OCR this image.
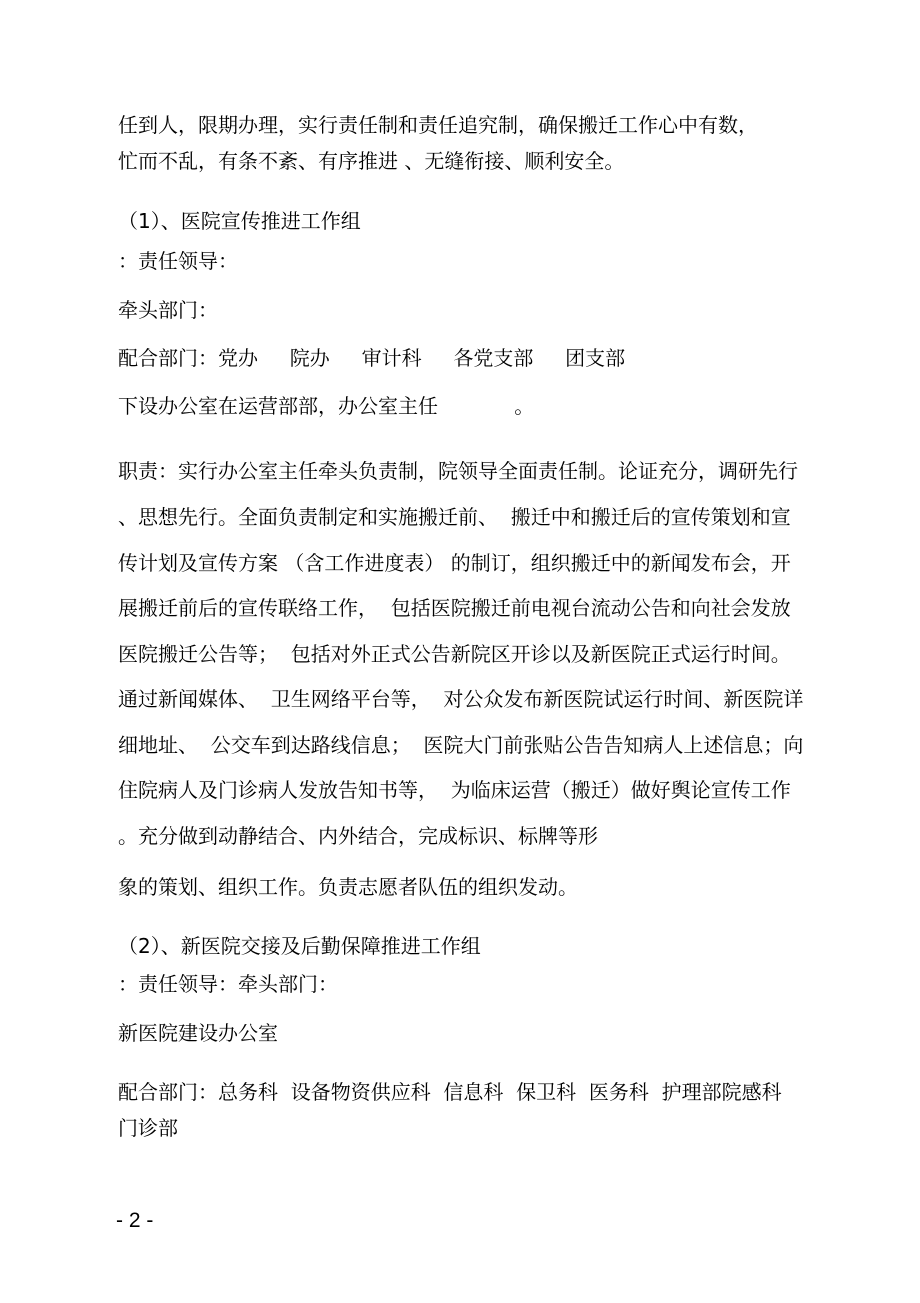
任到人，限期办理，实行责任制和责任追究制，确保搬迁工作心中有数，

忙而不乱，有条不紊、有序推进 、无缝衔接、顺利安全。

（1）、医院宣传推进工作组

：责任领导：

牵头部门：

配合部门：党办     院办     审计科     各党支部     团支部

下设办公室在运营部部，办公室主任            。

职责：实行办公室主任牵头负责制，院领导全面责任制。论证充分，调研先行

、思想先行。全面负责制定和实施搬迁前、  搬迁中和搬迁后的宣传策划和宣

传计划及宣传方案 （含工作进度表） 的制订，组织搬迁中的新闻发布会，开

展搬迁前后的宣传联络工作，  包括医院搬迁前电视台流动公告和向社会发放

医院搬迁公告等；  包括对外正式公告新院区开诊以及新医院正式运行时间。

通过新闻媒体、  卫生网络平台等，  对公众发布新医院试运行时间、新医院详

细地址、  公交车到达路线信息；  医院大门前张贴公告告知病人上述信息；向

住院病人及门诊病人发放告知书等，  为临床运营（搬迁）做好舆论宣传工作

。充分做到动静结合、内外结合，完成标识、标牌等形

象的策划、组织工作。负责志愿者队伍的组织发动。

（2）、新医院交接及后勤保障推进工作组

：责任领导：牵头部门：

新医院建设办公室

配合部门：总务科  设备物资供应科  信息科  保卫科  医务科  护理部院感科

门诊部

- 2 -
